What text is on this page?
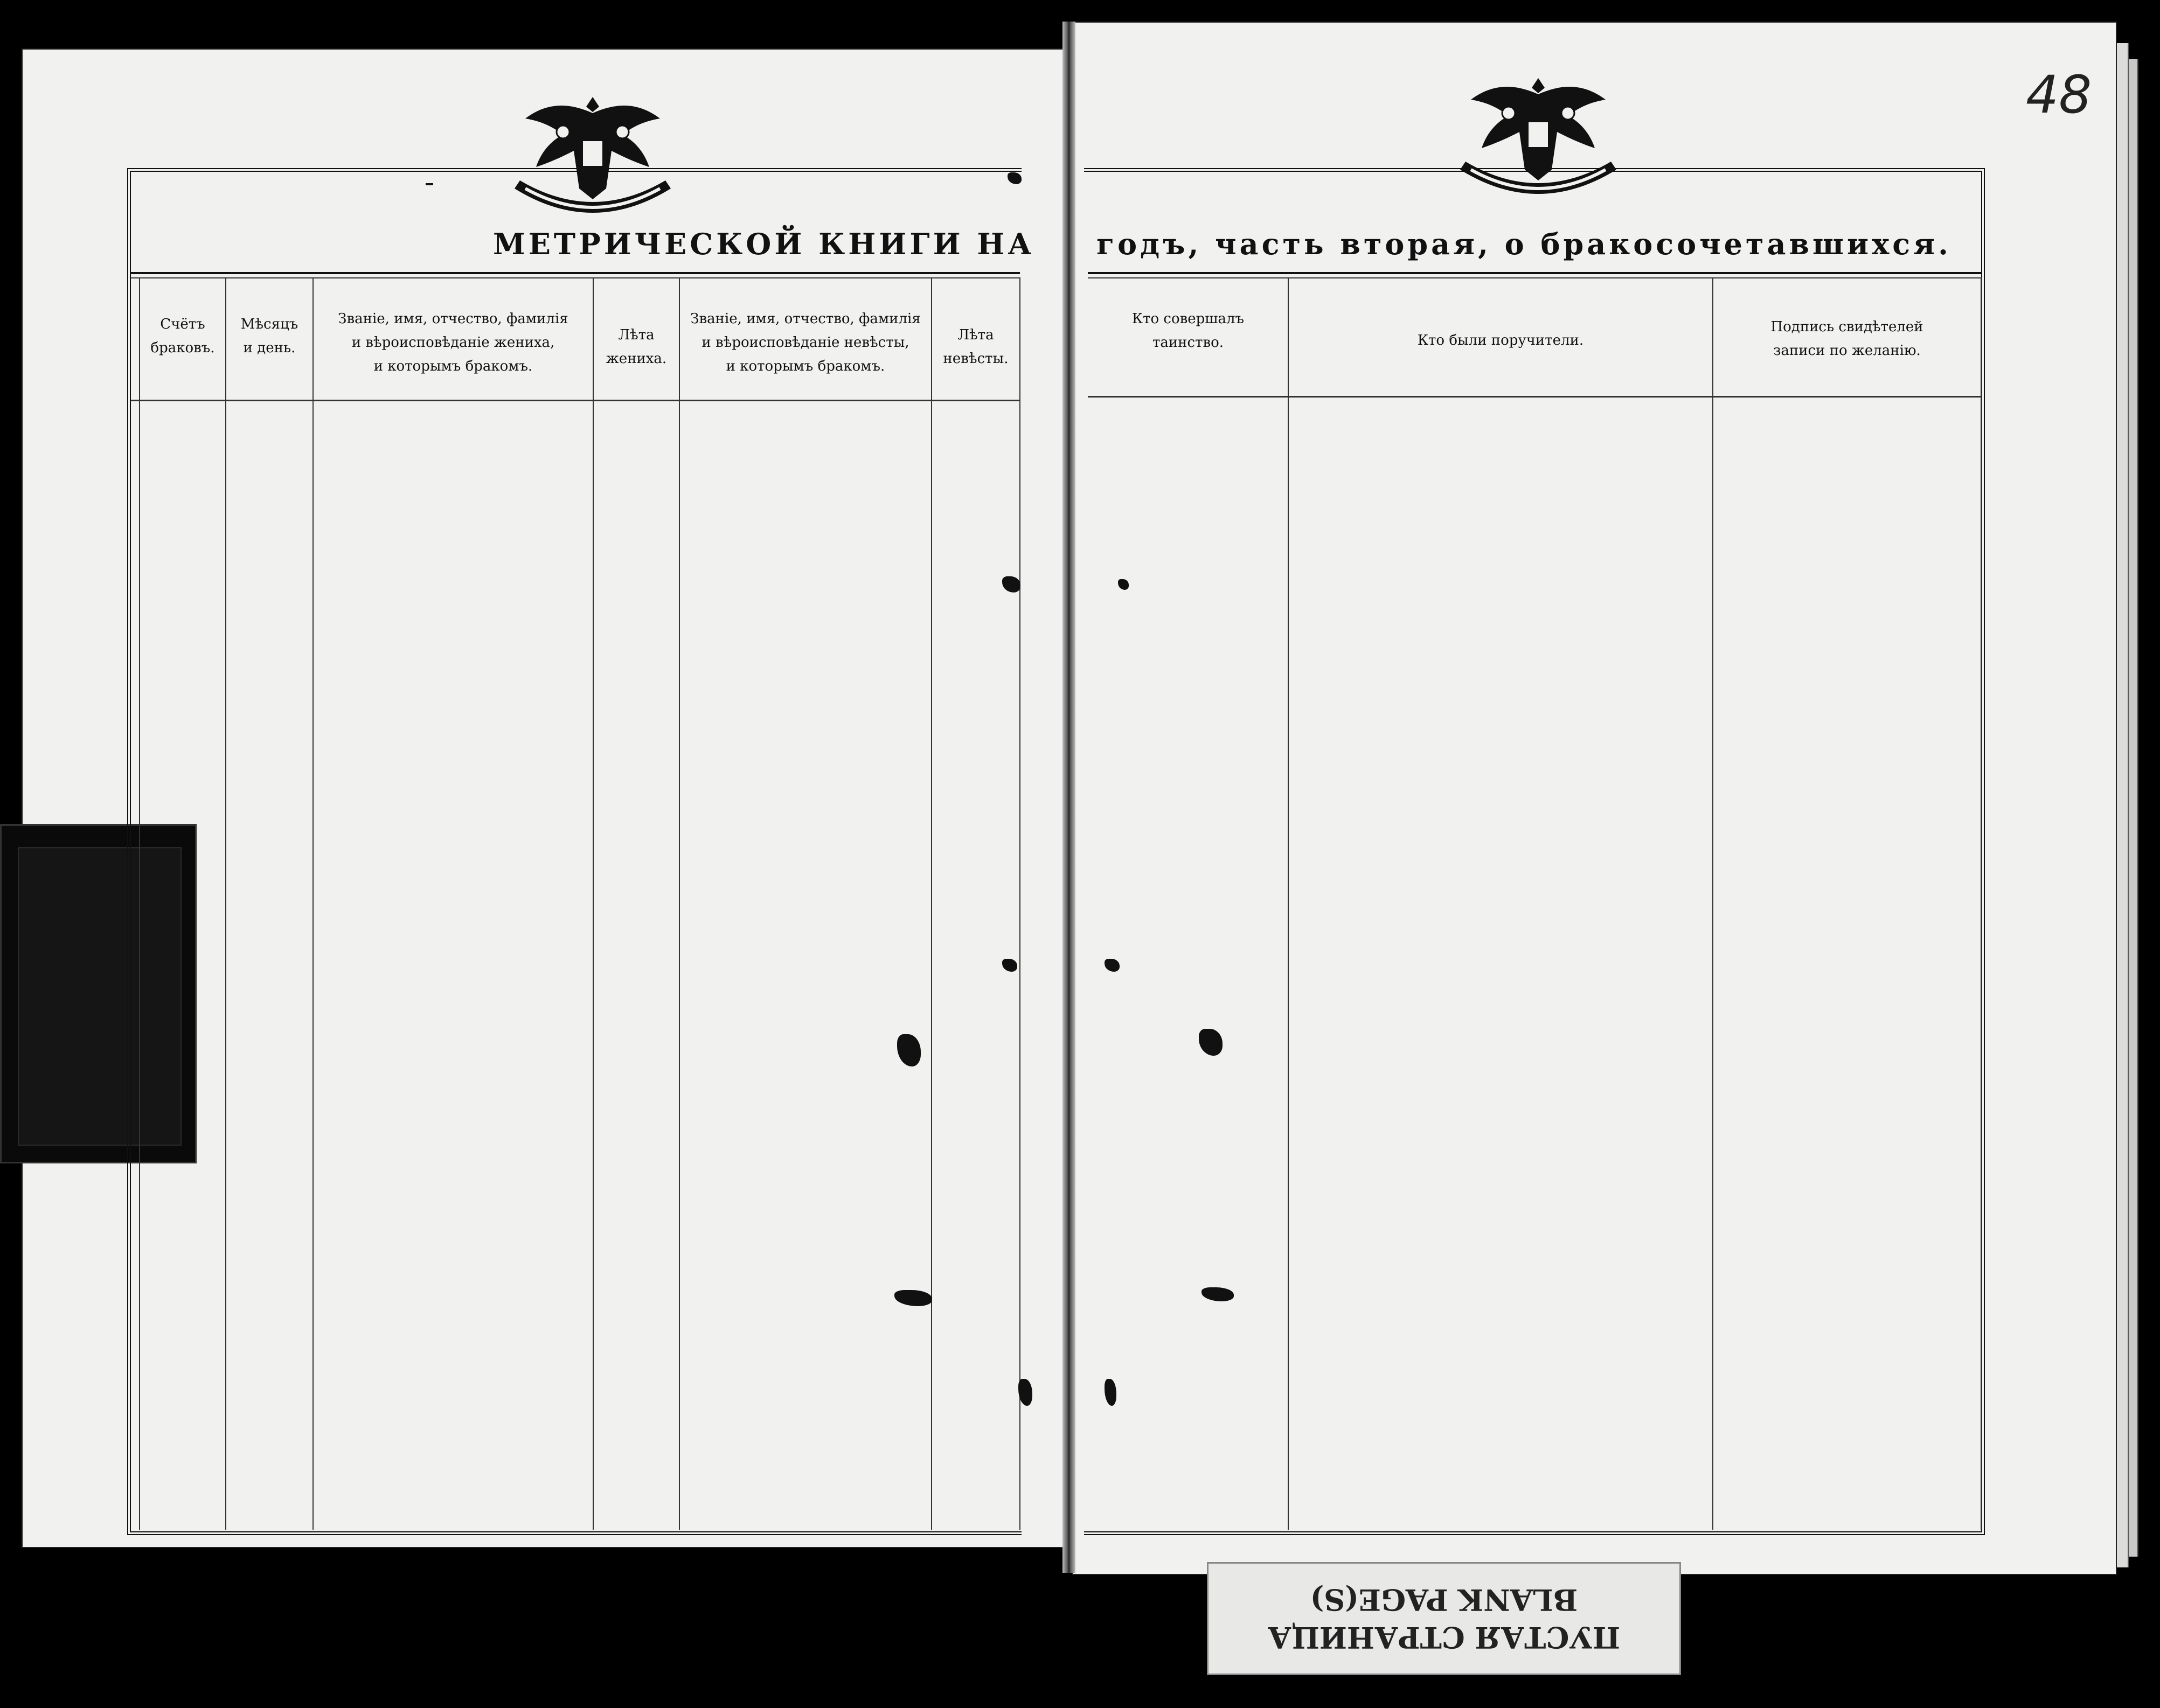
МЕТРИЧЕСКОЙ КНИГИ НА годъ, часть вторая, о бракосочетавшихся.
48
Счётъ
браковъ.
Мѣсяцъ
и день.
Званіе, имя, отчество, фамилія
и вѣроисповѣданіе жениха,
и которымъ бракомъ.
Лѣта
жениха.
Званіе, имя, отчество, фамилія
и вѣроисповѣданіе невѣсты,
и которымъ бракомъ.
Лѣта
невѣсты.
Кто совершалъ
таинство.	Кто были поручители.
Подпись свидѣтелей
записи по желанію.
ПУСТАЯ СТРАНИЦА
BLANK PAGE(S)
